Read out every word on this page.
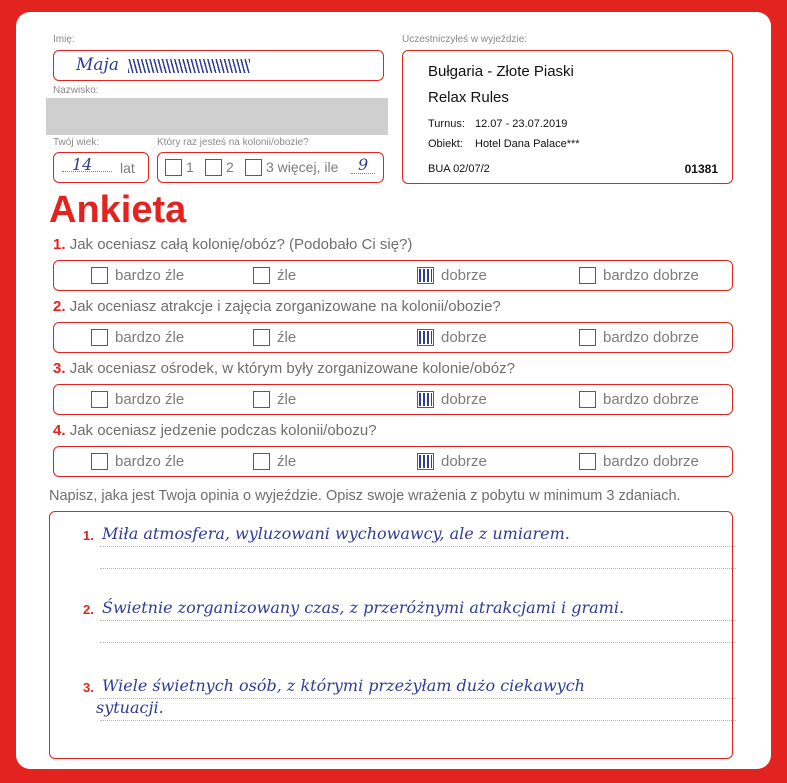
Imię:
Maja
Nazwisko:
Twój wiek:
14 lat
Który raz jesteś na kolonii/obozie?
1 2 3 więcej, ile 9
Uczestniczyłeś w wyjeździe:
Bułgaria - Złote Piaski
Relax Rules
Turnus: 12.07 - 23.07.2019
Obiekt: Hotel Dana Palace***
BUA 02/07/2	01381
Ankieta
1. Jak oceniasz całą kolonię/obóz? (Podobało Ci się?)
bardzo źle	źle	dobrze	bardzo dobrze
2. Jak oceniasz atrakcje i zajęcia zorganizowane na kolonii/obozie?
bardzo źle	źle	dobrze	bardzo dobrze
3. Jak oceniasz ośrodek, w którym były zorganizowane kolonie/obóz?
bardzo źle	źle	dobrze	bardzo dobrze
4. Jak oceniasz jedzenie podczas kolonii/obozu?
bardzo źle	źle	dobrze	bardzo dobrze
Napisz, jaka jest Twoja opinia o wyjeździe. Opisz swoje wrażenia z pobytu w minimum 3 zdaniach.
1. Miła atmosfera, wyluzowani wychowawcy, ale z umiarem.
2. Świetnie zorganizowany czas, z przeróżnymi atrakcjami i grami.
3. Wiele świetnych osób, z którymi przeżyłam dużo ciekawych
sytuacji.
